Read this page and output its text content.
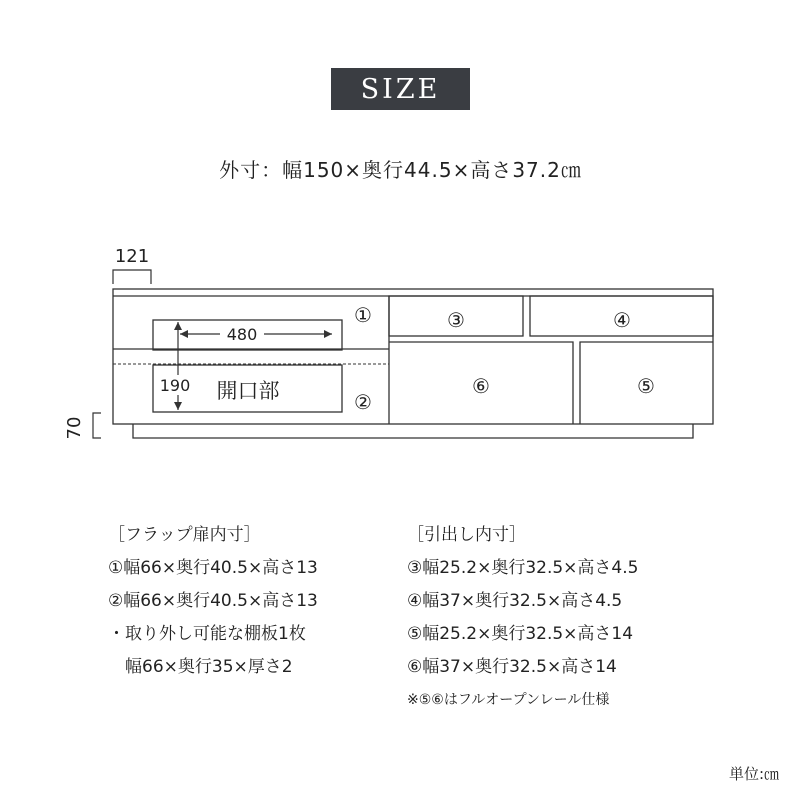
SIZE
外寸：幅150×奥行44.5×高さ37.2㎝
121
70
480
190 開口部
①
②
③	④
⑤
⑥
［フラップ扉内寸］
①幅66×奥行40.5×高さ13
②幅66×奥行40.5×高さ13
・取り外し可能な棚板1枚
　幅66×奥行35×厚さ2
［引出し内寸］
③幅25.2×奥行32.5×高さ4.5
④幅37×奥行32.5×高さ4.5
⑤幅25.2×奥行32.5×高さ14
⑥幅37×奥行32.5×高さ14
※⑤⑥はフルオープンレール仕様
単位:㎝
